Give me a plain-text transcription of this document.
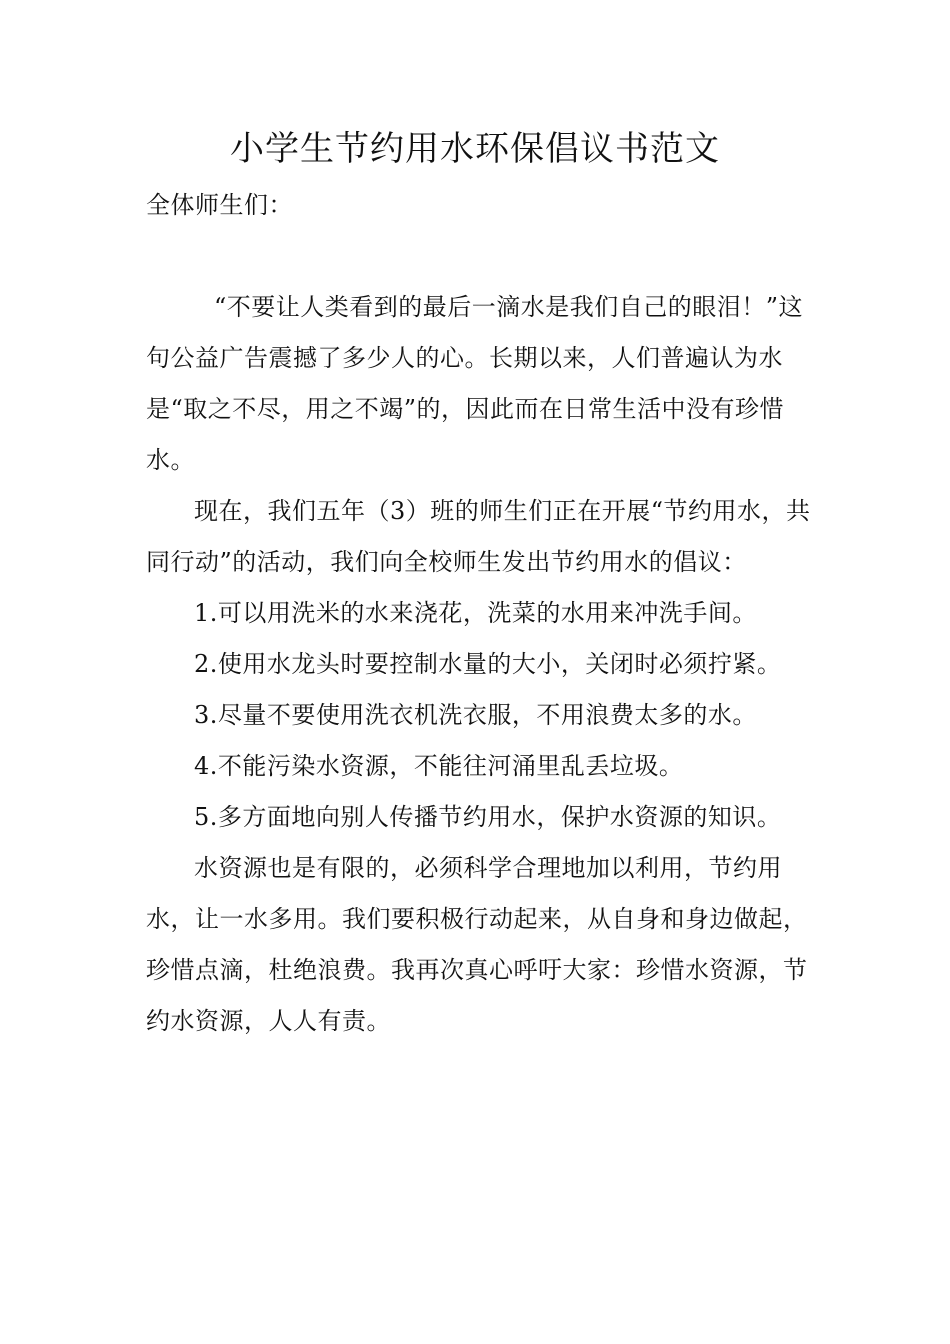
小学生节约用水环保倡议书范文

全体师生们：

“不要让人类看到的最后一滴水是我们自己的眼泪！”这句公益广告震撼了多少人的心。长期以来，人们普遍认为水是“取之不尽，用之不竭”的，因此而在日常生活中没有珍惜水。

现在，我们五年（3）班的师生们正在开展“节约用水，共同行动”的活动，我们向全校师生发出节约用水的倡议：

1.可以用洗米的水来浇花，洗菜的水用来冲洗手间。

2.使用水龙头时要控制水量的大小，关闭时必须拧紧。

3.尽量不要使用洗衣机洗衣服，不用浪费太多的水。

4.不能污染水资源，不能往河涌里乱丢垃圾。

5.多方面地向别人传播节约用水，保护水资源的知识。

水资源也是有限的，必须科学合理地加以利用，节约用水，让一水多用。我们要积极行动起来，从自身和身边做起，珍惜点滴，杜绝浪费。我再次真心呼吁大家：珍惜水资源，节约水资源，人人有责。
